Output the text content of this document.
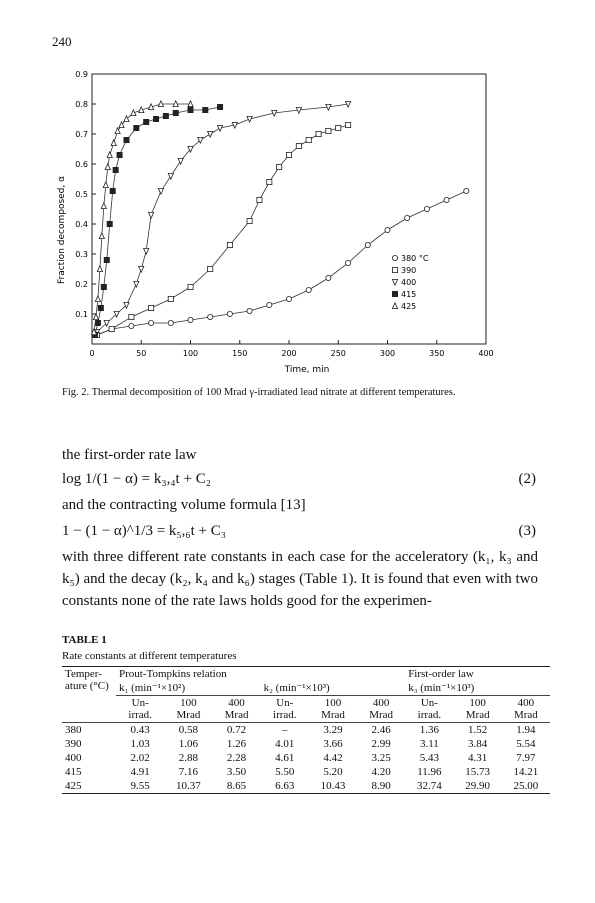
240
0	50	100	150	200	250	300	350	400
0.1
0.2
0.3
0.4
0.5
0.6
0.7
0.8
0.9
380 °C
390
400
415
425
Time, min
Fraction decomposed, α
Fig. 2. Thermal decomposition of 100 Mrad γ-irradiated lead nitrate at different temperatures.
the first-order rate law
log 1/(1 − α) = k₃,₄t + C₂	(2)
and the contracting volume formula [13]
1 − (1 − α)^1/3 = k₅,₆t + C₃	(3)
with three different rate constants in each case for the acceleratory (k₁, k₃ and k₅) and the decay (k₂, k₄ and k₆) stages (Table 1). It is found that even with two constants none of the rate laws holds good for the experimen-
TABLE 1
Rate constants at different temperatures
Temper- ature (°C)	Prout-Tompkins relation						First-order law		
	k₁ (min⁻¹×10²)			k₂ (min⁻¹×10³)			k₃ (min⁻¹×10³)		
	Un- irrad.	100 Mrad	400 Mrad	Un- irrad.	100 Mrad	400 Mrad	Un- irrad.	100 Mrad	400 Mrad
380	0.43	0.58	0.72	–	3.29	2.46	1.36	1.52	1.94
390	1.03	1.06	1.26	4.01	3.66	2.99	3.11	3.84	5.54
400	2.02	2.88	2.28	4.61	4.42	3.25	5.43	4.31	7.97
415	4.91	7.16	3.50	5.50	5.20	4.20	11.96	15.73	14.21
425	9.55	10.37	8.65	6.63	10.43	8.90	32.74	29.90	25.00
